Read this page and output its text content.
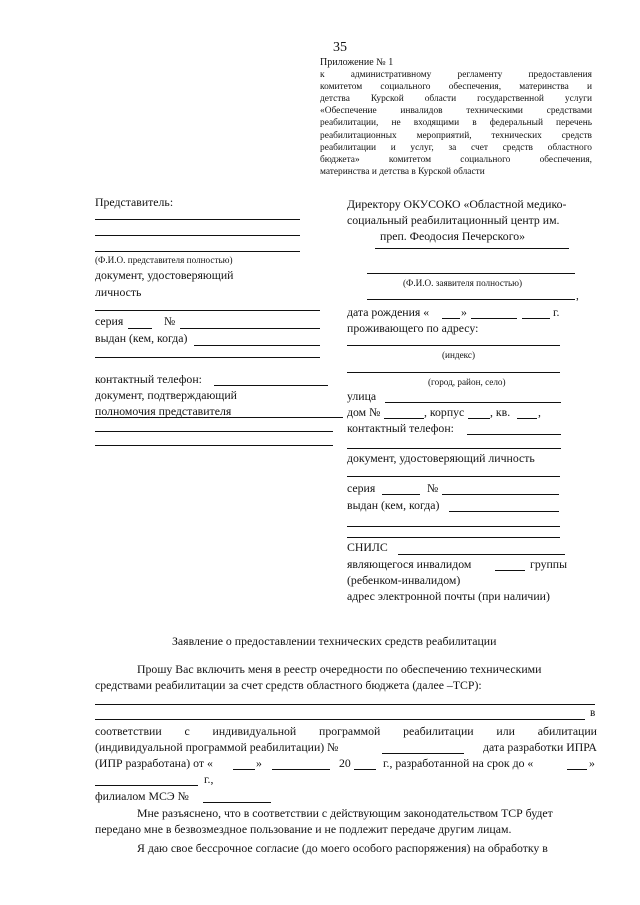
35
Приложение № 1
к административному регламенту предоставления
комитетом социального обеспечения, материнства и
детства Курской области государственной услуги
«Обеспечение инвалидов техническими средствами
реабилитации, не входящими в федеральный перечень
реабилитационных мероприятий, технических средств
реабилитации и услуг, за счет средств областного
бюджета» комитетом социального обеспечения,
материнства и детства в Курской области
Представитель:
(Ф.И.О. представителя полностью)
документ, удостоверяющий
личность
серия	№
выдан (кем, когда)
контактный телефон:
документ, подтверждающий
полномочия представителя
Директору ОКУСОКО «Областной медико-
социальный реабилитационный центр им.
преп. Феодосия Печерского»
(Ф.И.О. заявителя полностью)
,
дата рождения «	»	г.
проживающего по адресу:
(индекс)
(город, район, село)
улица
дом №	, корпус , кв. ,
контактный телефон:
документ, удостоверяющий личность
серия	№
выдан (кем, когда)
СНИЛС
являющегося инвалидом	группы
(ребенком-инвалидом)
адрес электронной почты (при наличии)
Заявление о предоставлении технических средств реабилитации
Прошу Вас включить меня в реестр очередности по обеспечению техническими
средствами реабилитации за счет средств областного бюджета (далее –ТСР):
в
соответствии с индивидуальной программой реабилитации или абилитации
(индивидуальной программой реабилитации) №	дата разработки ИПРА
(ИПР разработана) от «	»	20	г., разработанной на срок до «	»
г.,
филиалом МСЭ №
Мне разъяснено, что в соответствии с действующим законодательством ТСР будет
передано мне в безвозмездное пользование и не подлежит передаче другим лицам.
Я даю свое бессрочное согласие (до моего особого распоряжения) на обработку в
